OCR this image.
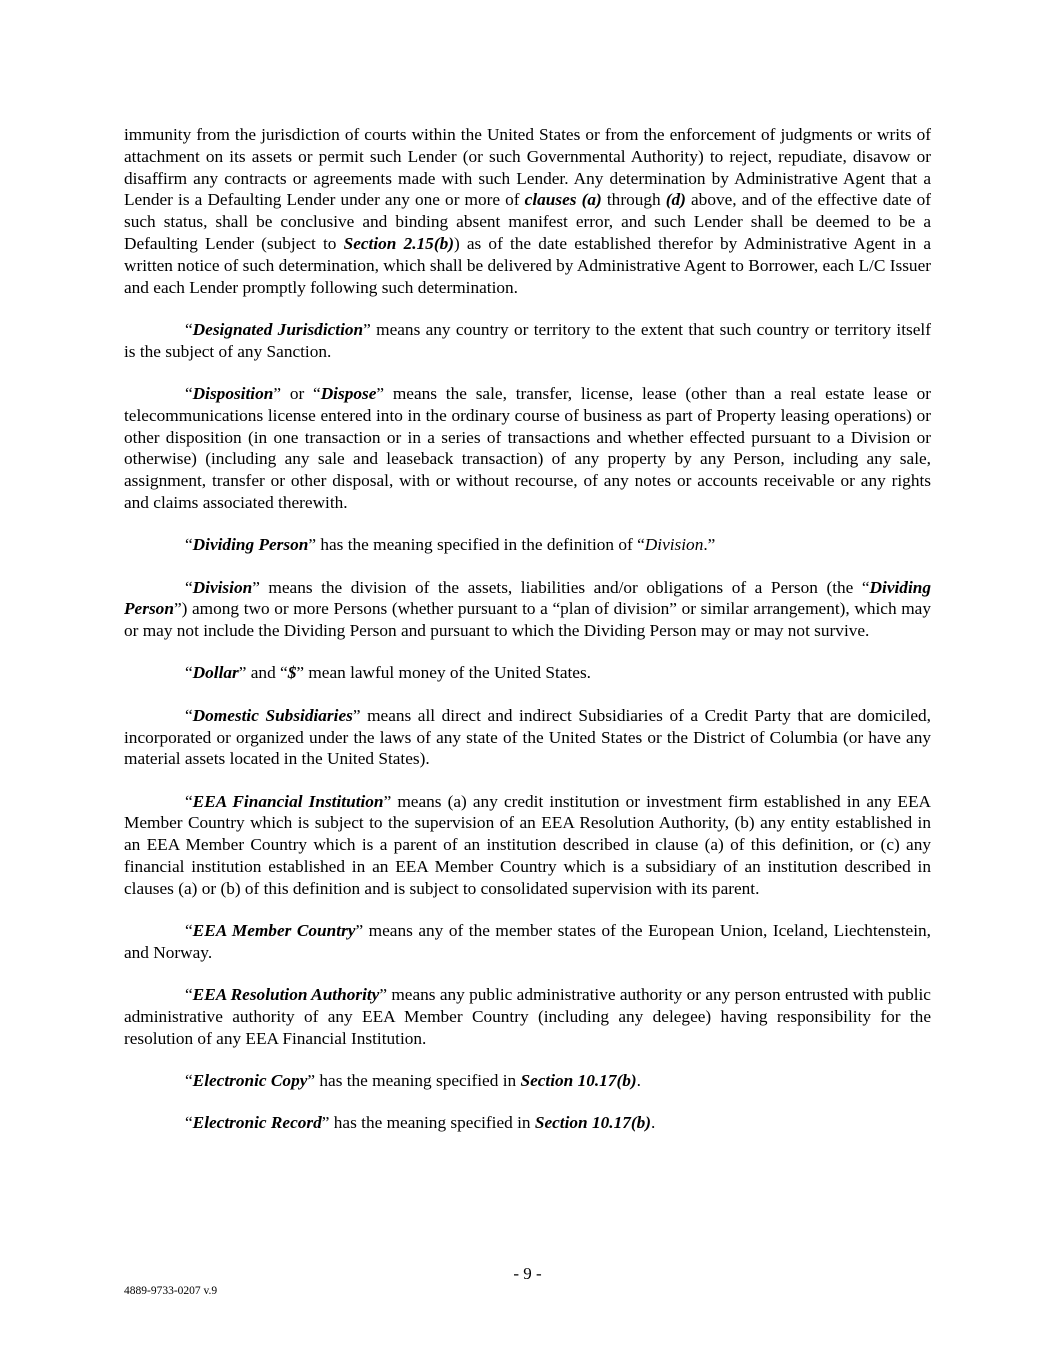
immunity from the jurisdiction of courts within the United States or from the enforcement of judgments or writs of attachment on its assets or permit such Lender (or such Governmental Authority) to reject, repudiate, disavow or disaffirm any contracts or agreements made with such Lender. Any determination by Administrative Agent that a Lender is a Defaulting Lender under any one or more of clauses (a) through (d) above, and of the effective date of such status, shall be conclusive and binding absent manifest error, and such Lender shall be deemed to be a Defaulting Lender (subject to Section 2.15(b)) as of the date established therefor by Administrative Agent in a written notice of such determination, which shall be delivered by Administrative Agent to Borrower, each L/C Issuer and each Lender promptly following such determination.

“Designated Jurisdiction” means any country or territory to the extent that such country or territory itself is the subject of any Sanction.

“Disposition” or “Dispose” means the sale, transfer, license, lease (other than a real estate lease or telecommunications license entered into in the ordinary course of business as part of Property leasing operations) or other disposition (in one transaction or in a series of transactions and whether effected pursuant to a Division or otherwise) (including any sale and leaseback transaction) of any property by any Person, including any sale, assignment, transfer or other disposal, with or without recourse, of any notes or accounts receivable or any rights and claims associated therewith.

“Dividing Person” has the meaning specified in the definition of “Division.”

“Division” means the division of the assets, liabilities and/or obligations of a Person (the “Dividing Person”) among two or more Persons (whether pursuant to a “plan of division” or similar arrangement), which may or may not include the Dividing Person and pursuant to which the Dividing Person may or may not survive.

“Dollar” and “$” mean lawful money of the United States.

“Domestic Subsidiaries” means all direct and indirect Subsidiaries of a Credit Party that are domiciled, incorporated or organized under the laws of any state of the United States or the District of Columbia (or have any material assets located in the United States).

“EEA Financial Institution” means (a) any credit institution or investment firm established in any EEA Member Country which is subject to the supervision of an EEA Resolution Authority, (b) any entity established in an EEA Member Country which is a parent of an institution described in clause (a) of this definition, or (c) any financial institution established in an EEA Member Country which is a subsidiary of an institution described in clauses (a) or (b) of this definition and is subject to consolidated supervision with its parent.

“EEA Member Country” means any of the member states of the European Union, Iceland, Liechtenstein, and Norway.

“EEA Resolution Authority” means any public administrative authority or any person entrusted with public administrative authority of any EEA Member Country (including any delegee) having responsibility for the resolution of any EEA Financial Institution.

“Electronic Copy” has the meaning specified in Section 10.17(b).

“Electronic Record” has the meaning specified in Section 10.17(b).

- 9 -
4889-9733-0207 v.9
